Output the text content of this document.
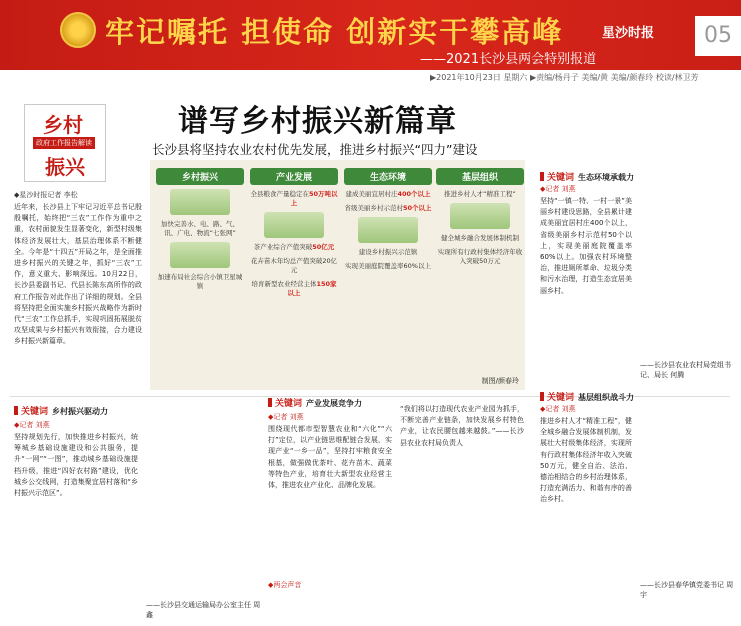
牢记嘱托 担使命 创新实干攀高峰
——2021长沙县两会特别报道
星沙时报	05
▶2021年10月23日 星期六 ▶责编/杨丹子 美编/黄 美编/颜春玲 校读/林卫芳
乡村
政府工作报告解读
振兴
◆星沙时报记者 李松
近年来，长沙县上下牢记习近平总书记殷殷嘱托，始终把“三农”工作作为重中之重，农村面貌发生显著变化，新型村级集体经济发展壮大，基层治理体系不断健全。今年是“十四五”开局之年，是全面推进乡村振兴的关键之年，抓好“三农”工作，意义重大、影响深远。10月22日，长沙县委副书记、代县长陈东高所作的政府工作报告对此作出了详细的规划。全县将坚持把全面实施乡村振兴战略作为新时代“三农”工作总抓手，实现巩固拓展脱贫攻坚成果与乡村振兴有效衔接，合力建设乡村振兴新篇章。
谱写乡村振兴新篇章
长沙县将坚持农业农村优先发展，推进乡村振兴“四力”建设
乡村振兴
加快完善水、电、路、气、讯、广电、物流“七张网”
加速布局社会综合小镇卫星城镇
产业发展
全县粮食产量稳定在50万吨以上
茶产业综合产值突破50亿元
花卉苗木年均总产值突破20亿元
培育新型农业经营主体150家以上
生态环境
建成美丽宜居村庄400个以上
省级美丽乡村示范村50个以上
建设乡村振兴示范镇
实现美丽庭院覆盖率60%以上
基层组织
推进乡村人才“精准工程”
健全城乡融合发展体制机制
实现所有行政村集体经济年收入突破50万元
制图/颜春玲
关键词 生态环境承载力
◆记者 刘燕
坚持“一镇一特、一村一景”美丽乡村建设思路，全县累计建成美丽宜居村庄400个以上，省级美丽乡村示范村50个以上，实现美丽庭院覆盖率60%以上。加强农村环境整治，推进厕所革命、垃圾分类和污水治理，打造生态宜居美丽乡村。
——长沙县农业农村局党组书记、局长 何腾
关键词 乡村振兴驱动力
◆记者 刘燕
坚持规划先行，加快推进乡村振兴，统筹城乡基础设施建设和公共服务，提升“一网”“一图”，推动城乡基础设施提档升级，推进“四好农村路”建设，优化城乡公交线网，打造集聚宜居村落和“乡村振兴示范区”。
——长沙县交通运输局办公室主任 周鑫
关键词 产业发展竞争力
◆记者 刘燕
围绕现代都市型智慧农业和“六化”“六打”定位，以产业链思维配链合发展，实现产业“一乡一品”，坚持打牢粮食安全根基，做强做优茶叶、花卉苗木、蔬菜等特色产业，培育壮大新型农业经营主体，推进农业产业化、品牌化发展。
◆两会声音
“我们将以打造现代农业产业园为抓手，不断完善产业链条，加快发展乡村特色产业，让农民腰包越来越鼓。”——长沙县农业农村局负责人
关键词 基层组织战斗力
◆记者 刘燕
推进乡村人才“精准工程”，健全城乡融合发展体制机制，发展壮大村级集体经济，实现所有行政村集体经济年收入突破50万元，健全自治、法治、德治相结合的乡村治理体系，打造充满活力、和谐有序的善治乡村。
——长沙县春华镇党委书记 周宇
